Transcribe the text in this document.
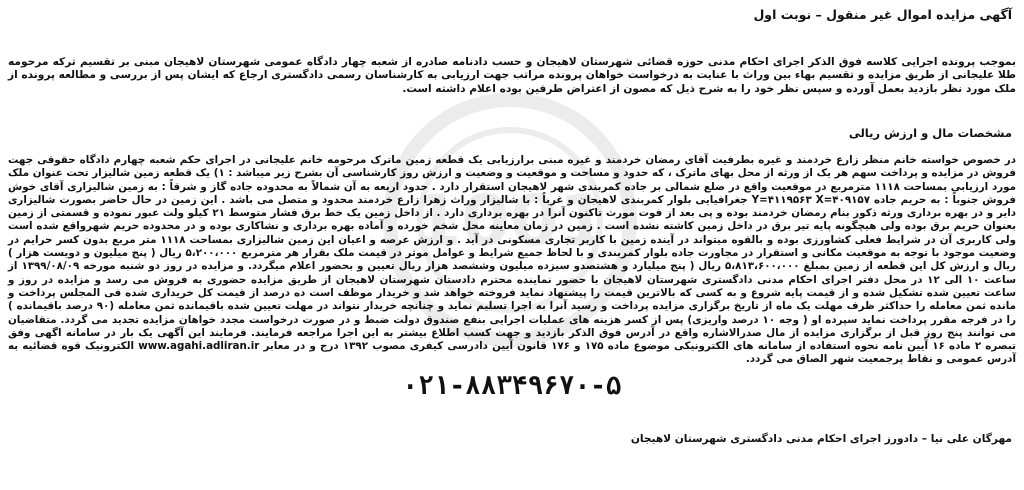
1001
آگهی مزایده اموال غیر منقول – نوبت اول
بموجب پرونده اجرایی کلاسه فوق الذکر اجرای احکام مدنی حوزه قضائی شهرستان لاهیجان و حسب دادنامه صادره از شعبه چهار دادگاه عمومی شهرستان لاهیجان مبنی بر تقسیم ترکه مرحومه طلا علیجانی از طریق مزایده و تقسیم بهاء بین وراث با عنایت به درخواست خواهان پرونده مراتب جهت ارزیابی به کارشناسان رسمی دادگستری ارجاع که ایشان پس از بررسی و مطالعه پرونده از ملک مورد نظر بازدید بعمل آورده و سپس نظر خود را به شرح ذیل که مصون از اعتراض طرفین بوده اعلام داشته است.
مشخصات مال و ارزش ریالی
در خصوص خواسته خانم منظر زارع خردمند و غیره بطرفیت آقای رمضان خردمند و غیره مبنی برارزیابی یک قطعه زمین ماترک مرحومه خانم علیجانی در اجرای حکم شعبه چهارم دادگاه حقوقی جهت فروش در مزایده و پرداخت سهم هر یک از ورثه از محل بهای ماترک ، که حدود و مساحت و موقعیت و وضعیت و ارزش روز کارشناسی آن بشرح زیر میباشد : ۱) یک قطعه زمین شالیزار تحت عنوان ملک مورد ارزیابی بمساحت ۱۱۱۸ مترمربع در موقعیت واقع در ضلع شمالی بر جاده کمربندی شهر لاهیجان استقرار دارد . حدود اربعه به آن شمالاً به محدوده جاده گاز و شرقاً : به زمین شالیزاری آقای خوش فروش جنوباً : به حریم جاده Y=۴۱۱۹۵۶۳ X=۴۰۹۱۵۷ جغرافیایی بلوار کمربندی لاهیجان و غرباً : با شالیزار وراث زهرا زارع خردمند محدود و متصل می باشد . این زمین در حال حاضر بصورت شالیزاری دایر و در بهره برداری ورثه ذکور بنام رمضان خردمند بوده و پی بعد از فوت مورث تاکنون آنرا در بهره برداری دارد . از داخل زمین یک خط برق فشار متوسط ۲۱ کیلو ولت عبور نموده و قسمتی از زمین بعنوان حریم برق بوده ولی هیچگونه پایه تیر برق در داخل زمین کاشته نشده است . زمین در زمان معاینه محل شخم خورده و آماده بهره برداری و نشاکاری بوده و در محدوده حریم شهرواقع شده است ولی کاربری آن در شرایط فعلی کشاورزی بوده و بالقوه میتواند در آینده زمین با کاربر تجاری مسکونی در آید . و ارزش عرصه و اعیان این زمین شالیزاری بمساحت ۱۱۱۸ متر مربع بدون کسر حرایم در وضعیت موجود با توجه به موقعیت مکانی و استقرار در مجاورت جاده بلوار کمربندی و با لحاظ جمیع شرایط و عوامل موثر در قیمت ملک بقرار هر مترمربع ۵،۲۰۰،۰۰۰ ریال ( پنج میلیون و دویست هزار ) ریال و ارزش کل این قطعه از زمین بمبلغ ۵،۸۱۳،۶۰۰،۰۰۰ ریال ( پنج میلیارد و هشتصدو سیزده میلیون وششصد هزار ریال تعیین و بحضور اعلام میگردد. و مزایده در روز دو شنبه مورخه ۱۳۹۹/۰۸/۰۹ از ساعت ۱۰ الی ۱۲ در محل دفتر اجرای احکام مدنی دادگستری شهرستان لاهیجان با حضور نماینده محترم دادستان شهرستان لاهیجان از طریق مزایده حضوری به فروش می رسد و مزایده در روز و ساعت تعیین شده تشکیل شده و از قیمت پایه شروع و به کسی که بالاترین قیمت را پیشنهاد نماید فروخته خواهد شد و خریدار موظف است ده درصد از قیمت کل خریداری شده فی المجلس پرداخت و مانده ثمن معامله را حداکثر ظرف مهلت یک ماه از تاریخ برگزاری مزایده پرداخت و رسید آنرا به اجرا تسلیم نماید و چنانچه خریدار نتواند در مهلت تعیین شده باقیمانده ثمن معامله (۹۰ درصد باقیمانده ) را در فرجه مقرر پرداخت نماید سپرده او ( وجه ۱۰ درصد واریزی) پس از کسر هزینه های عملیات اجرایی بنفع صندوق دولت ضبط و در صورت درخواست مجدد خواهان مزایده تجدید می گردد. متقاضیان می توانند پنج روز قبل از برگزاری مزایده از مال صدرالاشاره واقع در آدرس فوق الذکر بازدید و جهت کسب اطلاع بیشتر به این اجرا مراجعه فرمایند. فرمایند این آگهی یک بار در سامانه اگهی وفق تبصره ۲ ماده ۱۶ آیین نامه نحوه استفاده از سامانه های الکترونیکی موضوع ماده ۱۷۵ و ۱۷۶ قانون آیین دادرسی کیفری مصوب ۱۳۹۲ درج و در معابر www.agahi.adliran.ir الکترونیک قوه قضائیه به آدرس عمومی و نقاط پرجمعیت شهر الصاق می گردد.
۰۲۱-۸۸۳۴۹۶۷۰-۵
مهرگان علی نیا – دادورز اجرای احکام مدنی دادگستری شهرستان لاهیجان
